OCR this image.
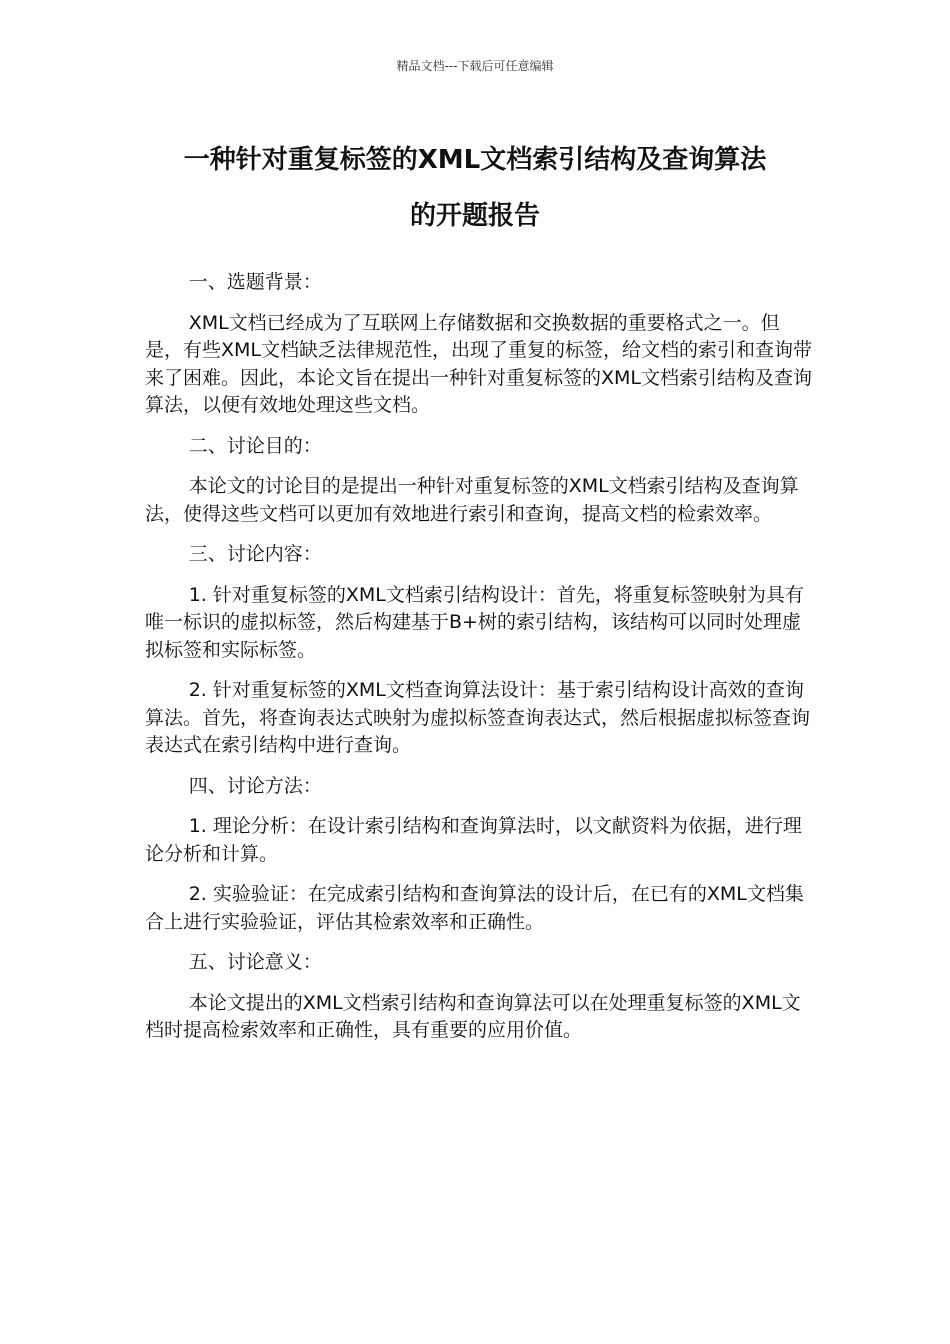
精品文档---下载后可任意编辑
一种针对重复标签的XML文档索引结构及查询算法
的开题报告

一、选题背景：

XML文档已经成为了互联网上存储数据和交换数据的重要格式之一。但是，有些XML文档缺乏法律规范性，出现了重复的标签，给文档的索引和查询带来了困难。因此，本论文旨在提出一种针对重复标签的XML文档索引结构及查询算法，以便有效地处理这些文档。

二、讨论目的：

本论文的讨论目的是提出一种针对重复标签的XML文档索引结构及查询算法，使得这些文档可以更加有效地进行索引和查询，提高文档的检索效率。

三、讨论内容：

1. 针对重复标签的XML文档索引结构设计：首先，将重复标签映射为具有唯一标识的虚拟标签，然后构建基于B+树的索引结构，该结构可以同时处理虚拟标签和实际标签。

2. 针对重复标签的XML文档查询算法设计：基于索引结构设计高效的查询算法。首先，将查询表达式映射为虚拟标签查询表达式，然后根据虚拟标签查询表达式在索引结构中进行查询。

四、讨论方法：

1. 理论分析：在设计索引结构和查询算法时，以文献资料为依据，进行理论分析和计算。

2. 实验验证：在完成索引结构和查询算法的设计后，在已有的XML文档集合上进行实验验证，评估其检索效率和正确性。

五、讨论意义：

本论文提出的XML文档索引结构和查询算法可以在处理重复标签的XML文档时提高检索效率和正确性，具有重要的应用价值。
